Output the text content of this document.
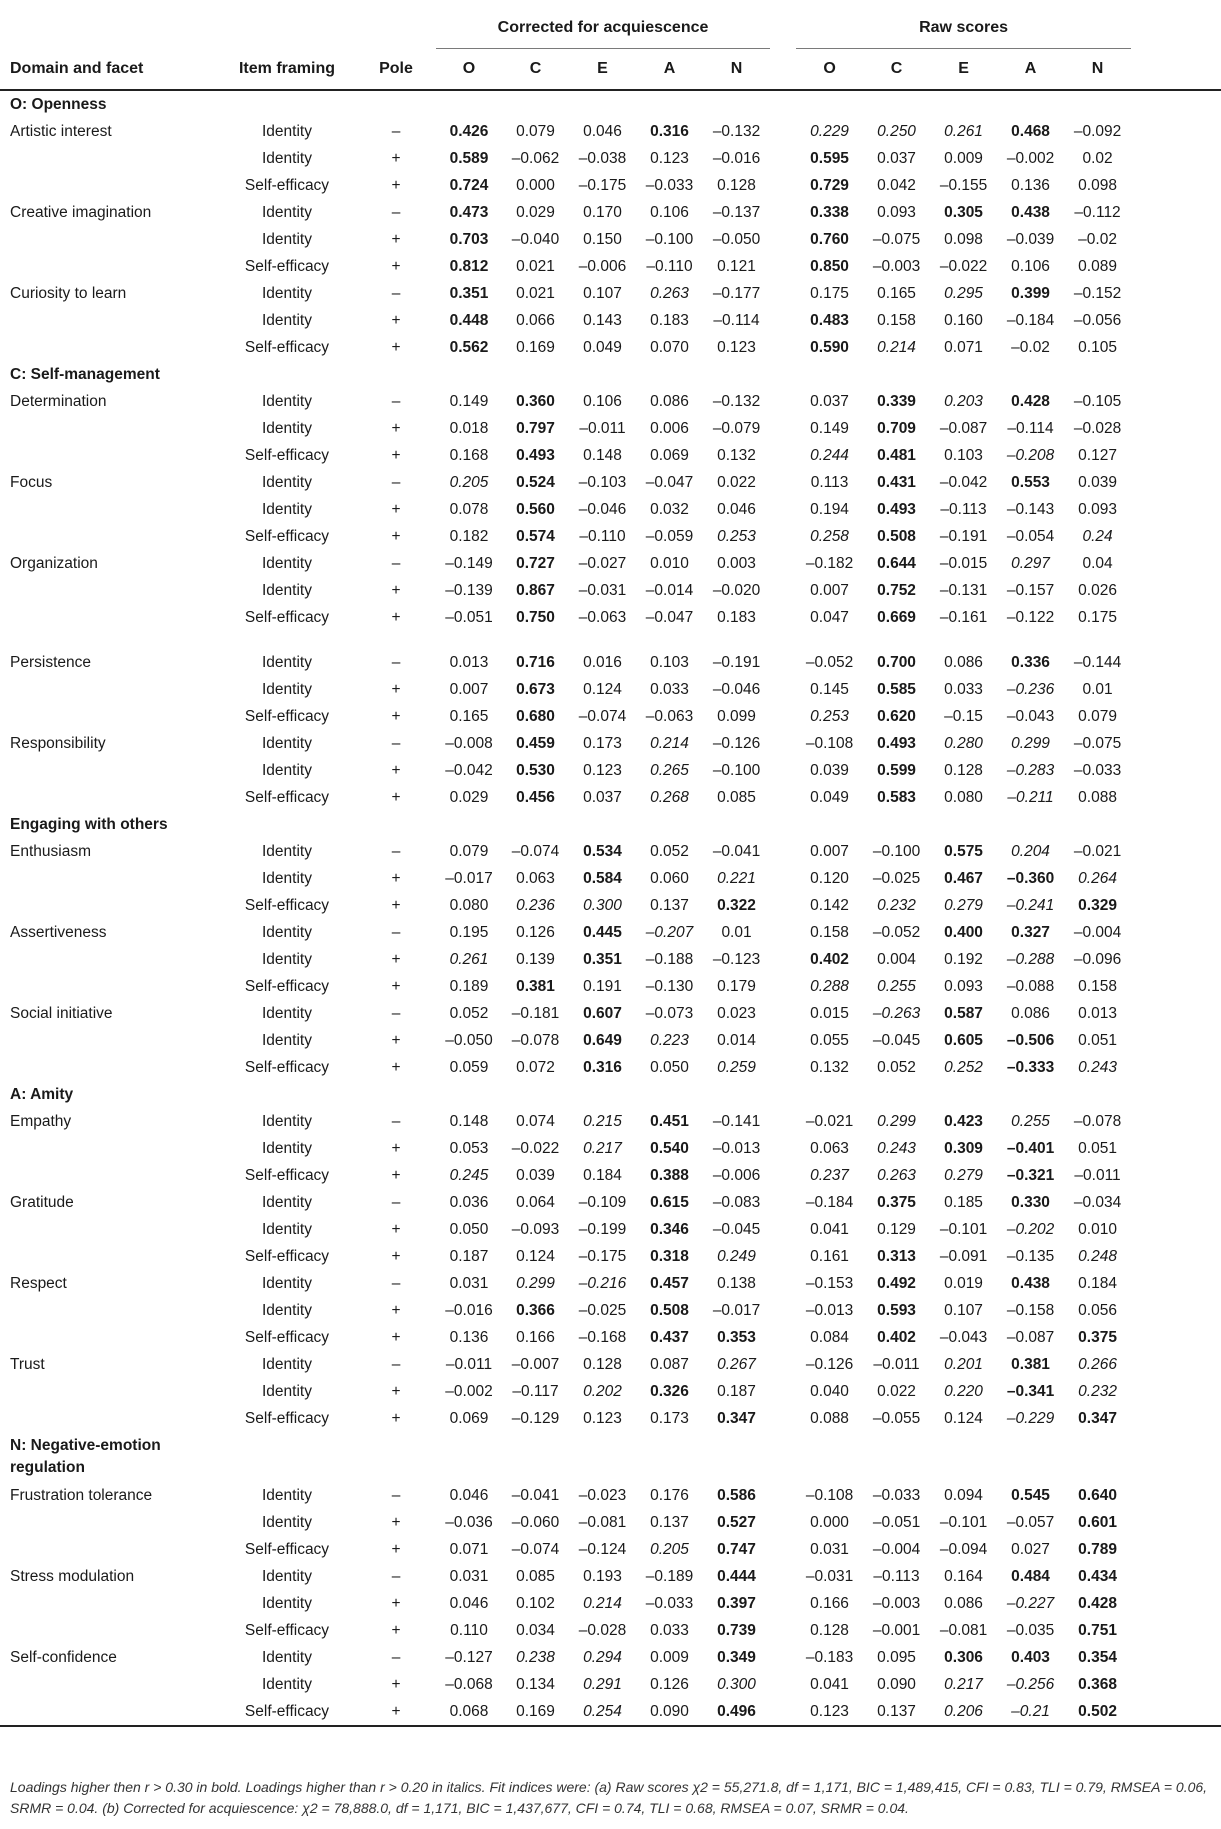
			Corrected for acquiescence						Raw scores					
Domain and facet	Item framing	Pole	O	C	E	A	N		O	C	E	A	N	
O: Openness														
Artistic interest	Identity	–	0.426	0.079	0.046	0.316	–0.132		0.229	0.250	0.261	0.468	–0.092	
	Identity	+	0.589	–0.062	–0.038	0.123	–0.016		0.595	0.037	0.009	–0.002	0.02	
	Self-efficacy	+	0.724	0.000	–0.175	–0.033	0.128		0.729	0.042	–0.155	0.136	0.098	
Creative imagination	Identity	–	0.473	0.029	0.170	0.106	–0.137		0.338	0.093	0.305	0.438	–0.112	
	Identity	+	0.703	–0.040	0.150	–0.100	–0.050		0.760	–0.075	0.098	–0.039	–0.02	
	Self-efficacy	+	0.812	0.021	–0.006	–0.110	0.121		0.850	–0.003	–0.022	0.106	0.089	
Curiosity to learn	Identity	–	0.351	0.021	0.107	0.263	–0.177		0.175	0.165	0.295	0.399	–0.152	
	Identity	+	0.448	0.066	0.143	0.183	–0.114		0.483	0.158	0.160	–0.184	–0.056	
	Self-efficacy	+	0.562	0.169	0.049	0.070	0.123		0.590	0.214	0.071	–0.02	0.105	
C: Self-management														
Determination	Identity	–	0.149	0.360	0.106	0.086	–0.132		0.037	0.339	0.203	0.428	–0.105	
	Identity	+	0.018	0.797	–0.011	0.006	–0.079		0.149	0.709	–0.087	–0.114	–0.028	
	Self-efficacy	+	0.168	0.493	0.148	0.069	0.132		0.244	0.481	0.103	–0.208	0.127	
Focus	Identity	–	0.205	0.524	–0.103	–0.047	0.022		0.113	0.431	–0.042	0.553	0.039	
	Identity	+	0.078	0.560	–0.046	0.032	0.046		0.194	0.493	–0.113	–0.143	0.093	
	Self-efficacy	+	0.182	0.574	–0.110	–0.059	0.253		0.258	0.508	–0.191	–0.054	0.24	
Organization	Identity	–	–0.149	0.727	–0.027	0.010	0.003		–0.182	0.644	–0.015	0.297	0.04	
	Identity	+	–0.139	0.867	–0.031	–0.014	–0.020		0.007	0.752	–0.131	–0.157	0.026	
	Self-efficacy	+	–0.051	0.750	–0.063	–0.047	0.183		0.047	0.669	–0.161	–0.122	0.175	

Persistence	Identity	–	0.013	0.716	0.016	0.103	–0.191		–0.052	0.700	0.086	0.336	–0.144	
	Identity	+	0.007	0.673	0.124	0.033	–0.046		0.145	0.585	0.033	–0.236	0.01	
	Self-efficacy	+	0.165	0.680	–0.074	–0.063	0.099		0.253	0.620	–0.15	–0.043	0.079	
Responsibility	Identity	–	–0.008	0.459	0.173	0.214	–0.126		–0.108	0.493	0.280	0.299	–0.075	
	Identity	+	–0.042	0.530	0.123	0.265	–0.100		0.039	0.599	0.128	–0.283	–0.033	
	Self-efficacy	+	0.029	0.456	0.037	0.268	0.085		0.049	0.583	0.080	–0.211	0.088	
Engaging with others														
Enthusiasm	Identity	–	0.079	–0.074	0.534	0.052	–0.041		0.007	–0.100	0.575	0.204	–0.021	
	Identity	+	–0.017	0.063	0.584	0.060	0.221		0.120	–0.025	0.467	–0.360	0.264	
	Self-efficacy	+	0.080	0.236	0.300	0.137	0.322		0.142	0.232	0.279	–0.241	0.329	
Assertiveness	Identity	–	0.195	0.126	0.445	–0.207	0.01		0.158	–0.052	0.400	0.327	–0.004	
	Identity	+	0.261	0.139	0.351	–0.188	–0.123		0.402	0.004	0.192	–0.288	–0.096	
	Self-efficacy	+	0.189	0.381	0.191	–0.130	0.179		0.288	0.255	0.093	–0.088	0.158	
Social initiative	Identity	–	0.052	–0.181	0.607	–0.073	0.023		0.015	–0.263	0.587	0.086	0.013	
	Identity	+	–0.050	–0.078	0.649	0.223	0.014		0.055	–0.045	0.605	–0.506	0.051	
	Self-efficacy	+	0.059	0.072	0.316	0.050	0.259		0.132	0.052	0.252	–0.333	0.243	
A: Amity														
Empathy	Identity	–	0.148	0.074	0.215	0.451	–0.141		–0.021	0.299	0.423	0.255	–0.078	
	Identity	+	0.053	–0.022	0.217	0.540	–0.013		0.063	0.243	0.309	–0.401	0.051	
	Self-efficacy	+	0.245	0.039	0.184	0.388	–0.006		0.237	0.263	0.279	–0.321	–0.011	
Gratitude	Identity	–	0.036	0.064	–0.109	0.615	–0.083		–0.184	0.375	0.185	0.330	–0.034	
	Identity	+	0.050	–0.093	–0.199	0.346	–0.045		0.041	0.129	–0.101	–0.202	0.010	
	Self-efficacy	+	0.187	0.124	–0.175	0.318	0.249		0.161	0.313	–0.091	–0.135	0.248	
Respect	Identity	–	0.031	0.299	–0.216	0.457	0.138		–0.153	0.492	0.019	0.438	0.184	
	Identity	+	–0.016	0.366	–0.025	0.508	–0.017		–0.013	0.593	0.107	–0.158	0.056	
	Self-efficacy	+	0.136	0.166	–0.168	0.437	0.353		0.084	0.402	–0.043	–0.087	0.375	
Trust	Identity	–	–0.011	–0.007	0.128	0.087	0.267		–0.126	–0.011	0.201	0.381	0.266	
	Identity	+	–0.002	–0.117	0.202	0.326	0.187		0.040	0.022	0.220	–0.341	0.232	
	Self-efficacy	+	0.069	–0.129	0.123	0.173	0.347		0.088	–0.055	0.124	–0.229	0.347	
N: Negative-emotion regulation														
Frustration tolerance	Identity	–	0.046	–0.041	–0.023	0.176	0.586		–0.108	–0.033	0.094	0.545	0.640	
	Identity	+	–0.036	–0.060	–0.081	0.137	0.527		0.000	–0.051	–0.101	–0.057	0.601	
	Self-efficacy	+	0.071	–0.074	–0.124	0.205	0.747		0.031	–0.004	–0.094	0.027	0.789	
Stress modulation	Identity	–	0.031	0.085	0.193	–0.189	0.444		–0.031	–0.113	0.164	0.484	0.434	
	Identity	+	0.046	0.102	0.214	–0.033	0.397		0.166	–0.003	0.086	–0.227	0.428	
	Self-efficacy	+	0.110	0.034	–0.028	0.033	0.739		0.128	–0.001	–0.081	–0.035	0.751	
Self-confidence	Identity	–	–0.127	0.238	0.294	0.009	0.349		–0.183	0.095	0.306	0.403	0.354	
	Identity	+	–0.068	0.134	0.291	0.126	0.300		0.041	0.090	0.217	–0.256	0.368	
	Self-efficacy	+	0.068	0.169	0.254	0.090	0.496		0.123	0.137	0.206	–0.21	0.502	
Loadings higher then r > 0.30 in bold. Loadings higher than r > 0.20 in italics. Fit indices were: (a) Raw scores χ2 = 55,271.8, df = 1,171, BIC = 1,489,415, CFI = 0.83, TLI = 0.79, RMSEA = 0.06, SRMR = 0.04. (b) Corrected for acquiescence: χ2 = 78,888.0, df = 1,171, BIC = 1,437,677, CFI = 0.74, TLI = 0.68, RMSEA = 0.07, SRMR = 0.04.
